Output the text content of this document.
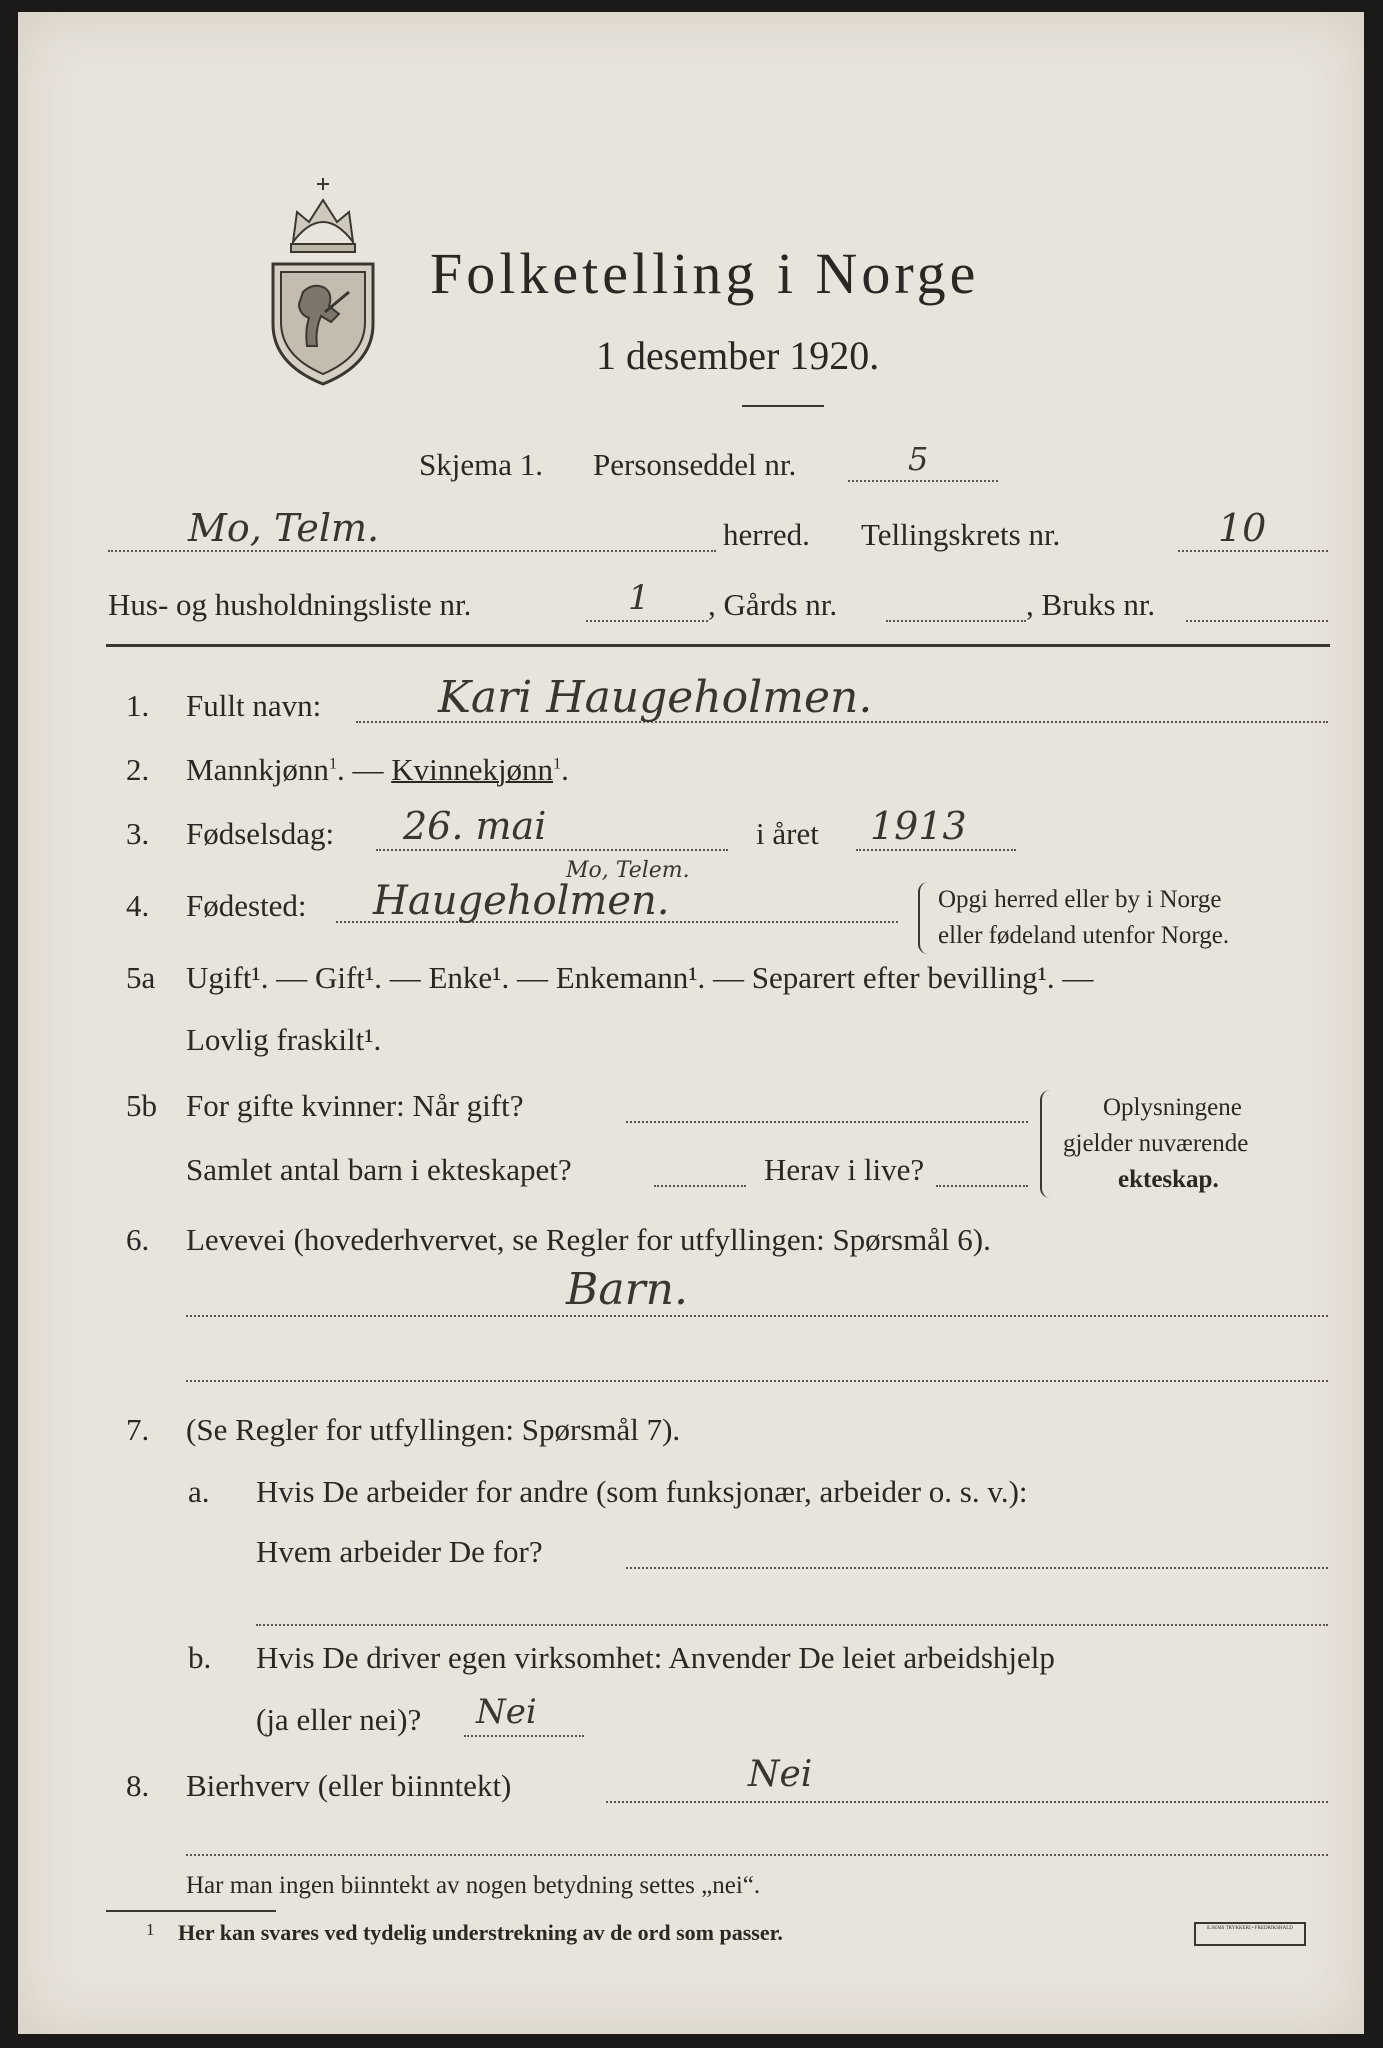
Folketelling i Norge
1 desember 1920.
Skjema 1. Personseddel nr.	5
Mo, Telm.	herred. Tellingskrets nr.	10
Hus- og husholdningsliste nr.	1 , Gårds nr.	, Bruks nr.
1. Fullt navn:	Kari Haugeholmen.
2. Mannkjønn$^1$. — Kvinnekjønn$^1$.
3. Fødselsdag: 26. mai	i året 1913
4. Fødested:
Mo, Telem.
Haugeholmen.	Opgi herred eller by i Norge
eller fødeland utenfor Norge.
5a Ugift¹. — Gift¹. — Enke¹. — Enkemann¹. — Separert efter bevilling¹. —
Lovlig fraskilt¹.
5b For gifte kvinner: Når gift?
Samlet antal barn i ekteskapet?	Herav i live?
Oplysningene
gjelder nuværende
ekteskap.
6. Levevei (hovederhvervet, se Regler for utfyllingen: Spørsmål 6).
Barn.
7. (Se Regler for utfyllingen: Spørsmål 7).
a. Hvis De arbeider for andre (som funksjonær, arbeider o. s. v.):
Hvem arbeider De for?
b. Hvis De driver egen virksomhet: Anvender De leiet arbeidshjelp
(ja eller nei)? Nei
8. Bierhverv (eller biinntekt)	Nei
Har man ingen biinntekt av nogen betydning settes „nei“.
1 Her kan svares ved tydelig understrekning av de ord som passer.	E.SEMS TRYKKERI • FREDRIKSHALD
